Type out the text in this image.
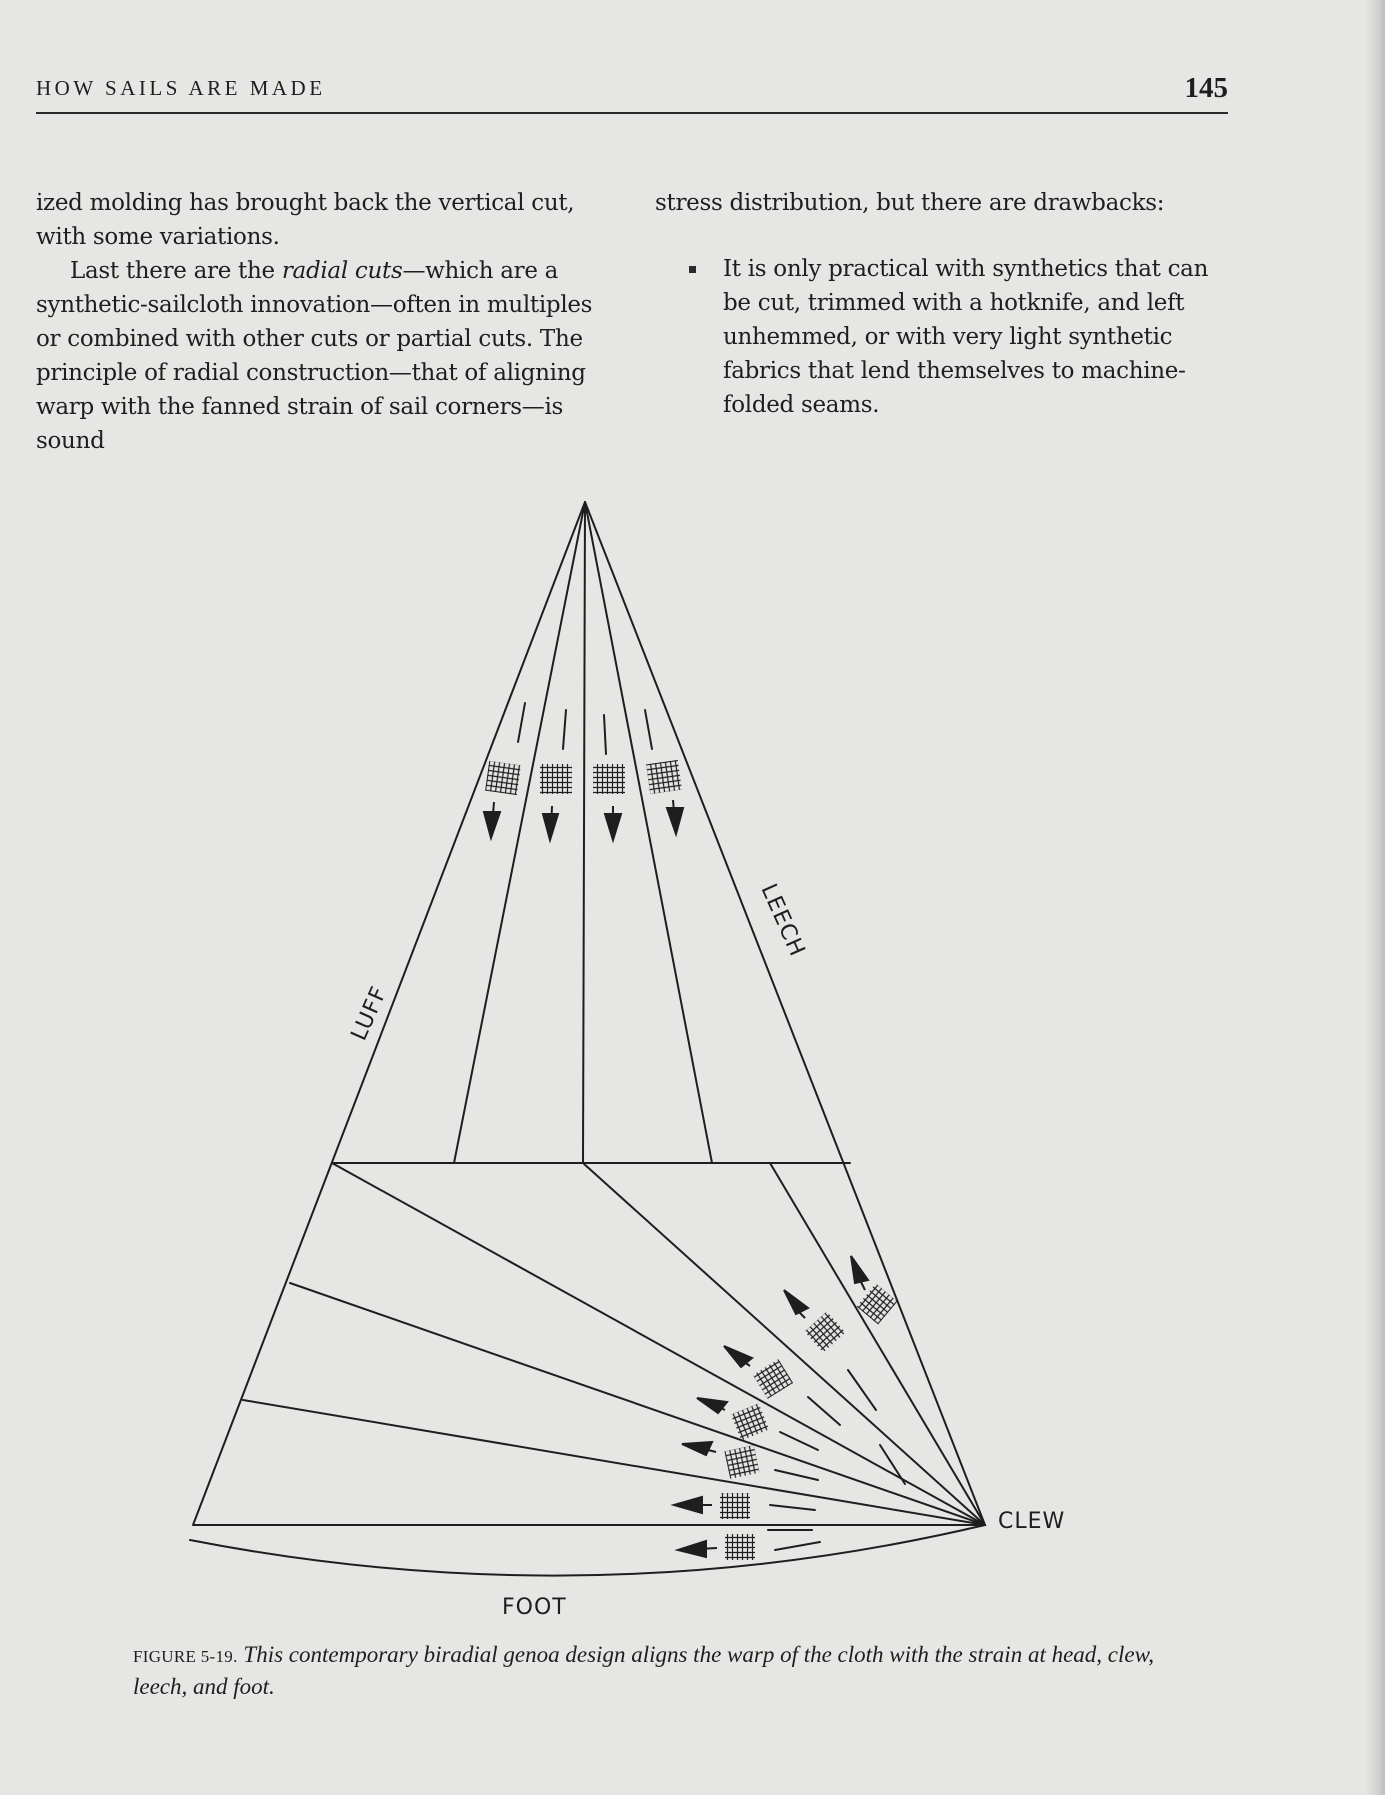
HOW SAILS ARE MADE	145

ized molding has brought back the vertical cut, with some variations.

Last there are the radial cuts—which are a synthetic-sailcloth innovation—often in multiples or combined with other cuts or partial cuts. The principle of radial construction—that of aligning warp with the fanned strain of sail corners—is sound

stress distribution, but there are drawbacks:

It is only practical with synthetics that can be cut, trimmed with a hotknife, and left unhemmed, or with very light synthetic fabrics that lend themselves to machine-folded seams.
LUFF
LEECH
CLEW
FOOT
FIGURE 5-19. This contemporary biradial genoa design aligns the warp of the cloth with the strain at head, clew, leech, and foot.
